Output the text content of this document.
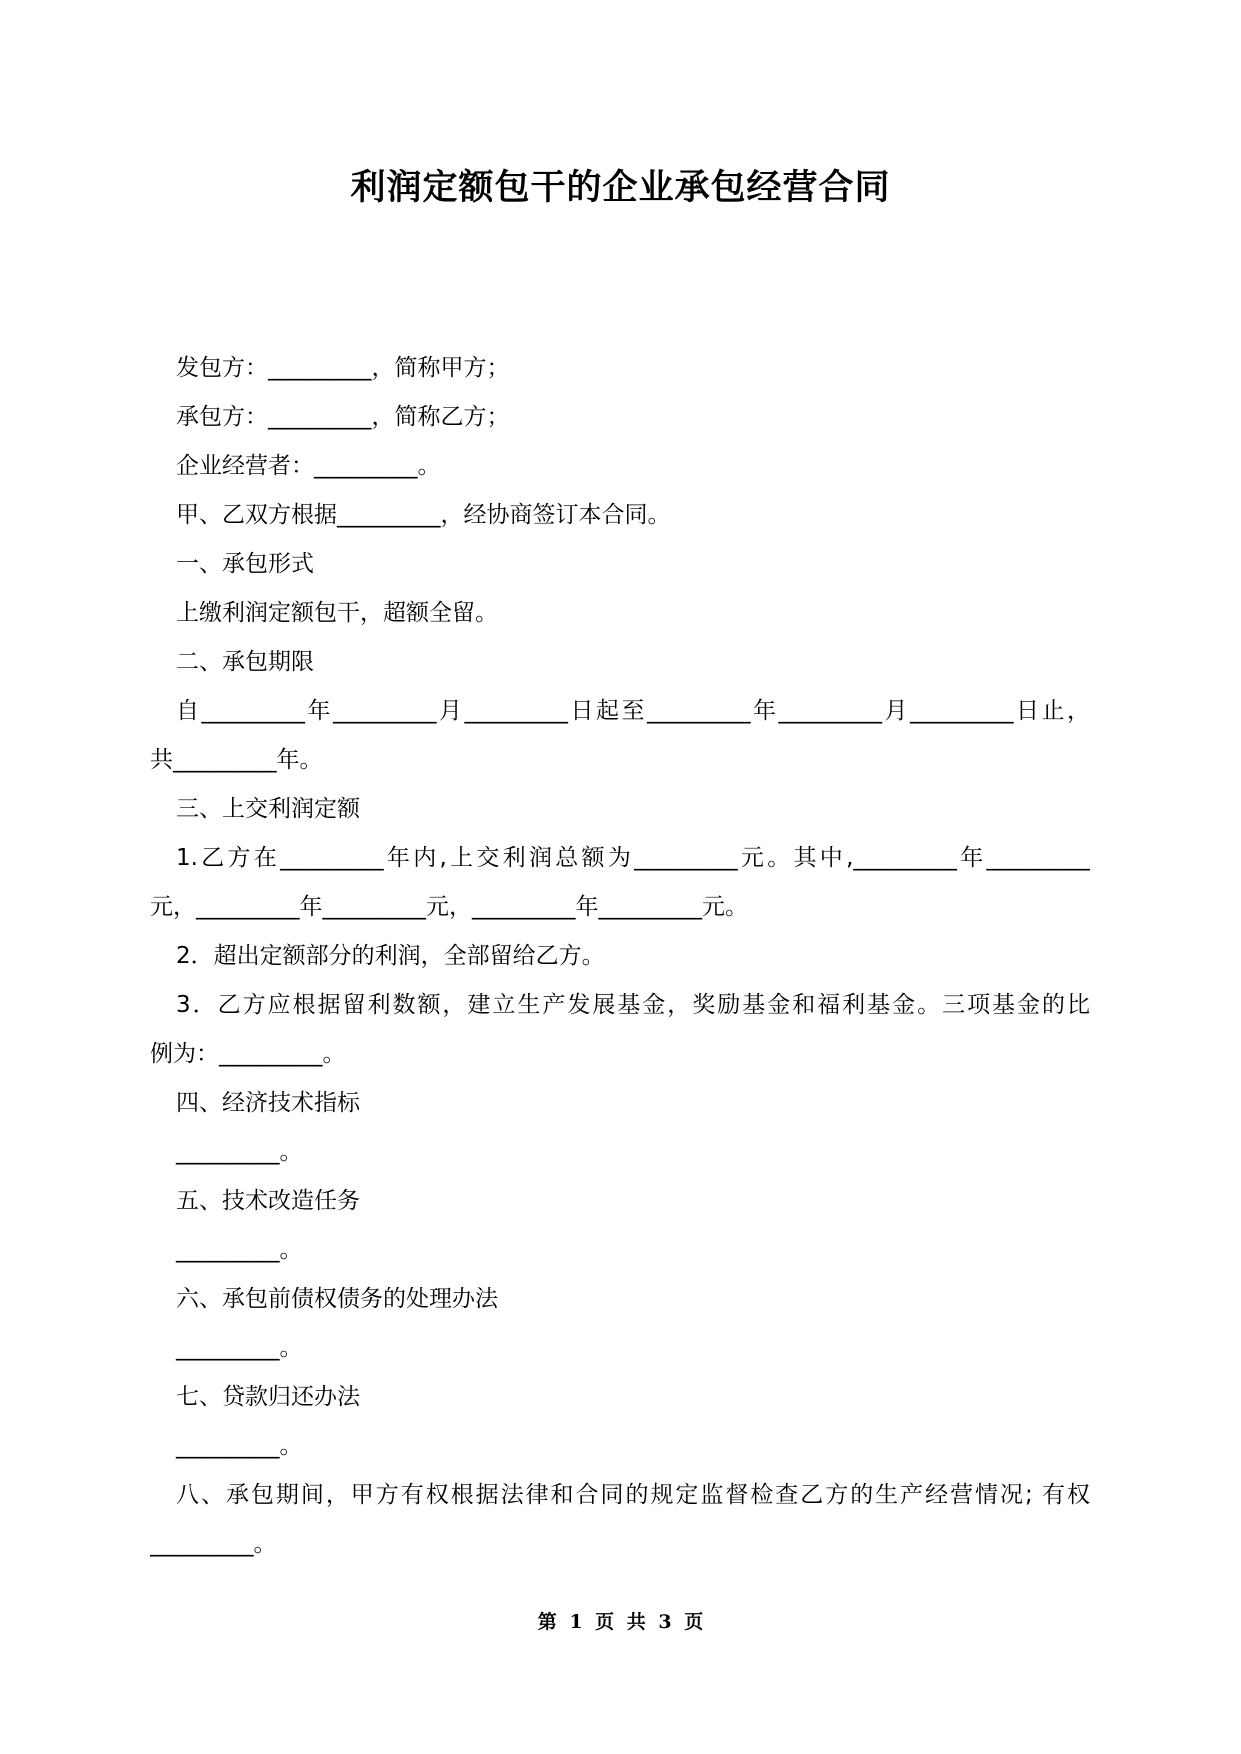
利润定额包干的企业承包经营合同
发包方：_________，简称甲方；
承包方：_________，简称乙方；
企业经营者：_________。
甲、乙双方根据_________，经协商签订本合同。
一、承包形式
上缴利润定额包干，超额全留。
二、承包期限
自_________年_________月_________日起至_________年_________月_________日止，
共_________年。
三、上交利润定额
1.乙方在_________年内,上交利润总额为_________元。其中,_________年_________
元，_________年_________元，_________年_________元。
2．超出定额部分的利润，全部留给乙方。
3．乙方应根据留利数额，建立生产发展基金，奖励基金和福利基金。三项基金的比
例为：_________。
四、经济技术指标
_________。
五、技术改造任务
_________。
六、承包前债权债务的处理办法
_________。
七、贷款归还办法
_________。
八、承包期间，甲方有权根据法律和合同的规定监督检查乙方的生产经营情况; 有权
_________。
第 1 页 共 3 页
